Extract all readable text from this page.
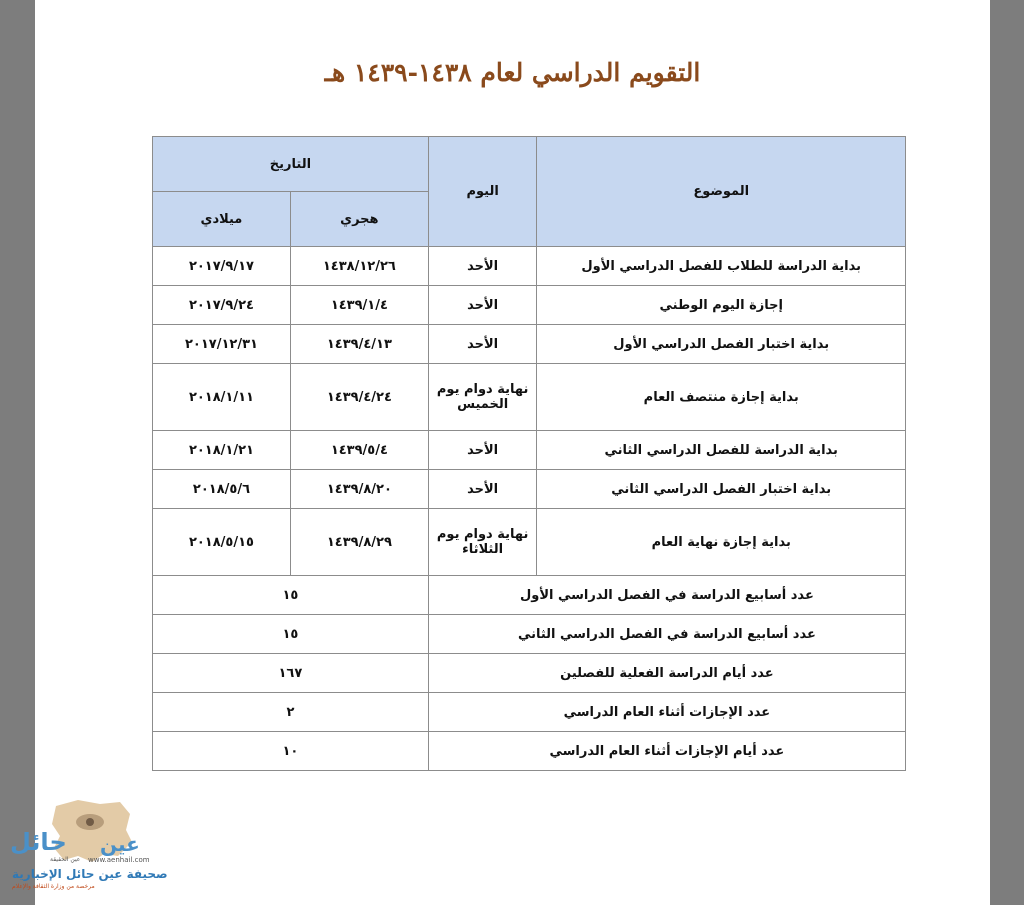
التقويم الدراسي لعام ١٤٣٨-١٤٣٩ هـ
الموضوع	اليوم	التاريخ	
		هجري	ميلادي
بداية الدراسة للطلاب للفصل الدراسي الأول	الأحد	١٤٣٨/١٢/٢٦	٢٠١٧/٩/١٧
إجازة اليوم الوطني	الأحد	١٤٣٩/١/٤	٢٠١٧/٩/٢٤
بداية اختبار الفصل الدراسي الأول	الأحد	١٤٣٩/٤/١٣	٢٠١٧/١٢/٣١
بداية إجازة منتصف العام	نهاية دوام يوم الخميس	١٤٣٩/٤/٢٤	٢٠١٨/١/١١
بداية الدراسة للفصل الدراسي الثاني	الأحد	١٤٣٩/٥/٤	٢٠١٨/١/٢١
بداية اختبار الفصل الدراسي الثاني	الأحد	١٤٣٩/٨/٢٠	٢٠١٨/٥/٦
بداية إجازة نهاية العام	نهاية دوام يوم الثلاثاء	١٤٣٩/٨/٢٩	٢٠١٨/٥/١٥
عدد أسابيع الدراسة في الفصل الدراسي الأول		١٥	
عدد أسابيع الدراسة في الفصل الدراسي الثاني		١٥	
عدد أيام الدراسة الفعلية للفصلين		١٦٧	
عدد الإجازات أثناء العام الدراسي		٢	
عدد أيام الإجازات أثناء العام الدراسي		١٠	
حائل عين
عين الحقيقة www.aenhail.com
صحيفة عين حائل الإخبارية
مرخصة من وزارة الثقافة والإعلام
